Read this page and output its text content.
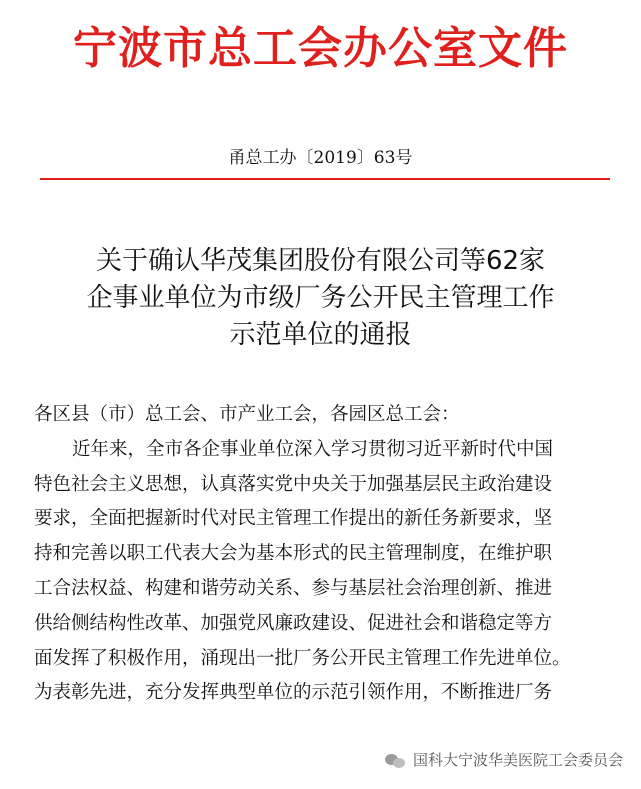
宁波市总工会办公室文件
甬总工办〔2019〕63号
关于确认华茂集团股份有限公司等62家
企事业单位为市级厂务公开民主管理工作
示范单位的通报
各区县（市）总工会、市产业工会，各园区总工会：
近年来，全市各企事业单位深入学习贯彻习近平新时代中国
特色社会主义思想，认真落实党中央关于加强基层民主政治建设
要求，全面把握新时代对民主管理工作提出的新任务新要求，坚
持和完善以职工代表大会为基本形式的民主管理制度，在维护职
工合法权益、构建和谐劳动关系、参与基层社会治理创新、推进
供给侧结构性改革、加强党风廉政建设、促进社会和谐稳定等方
面发挥了积极作用，涌现出一批厂务公开民主管理工作先进单位。
为表彰先进，充分发挥典型单位的示范引领作用，不断推进厂务
国科大宁波华美医院工会委员会
